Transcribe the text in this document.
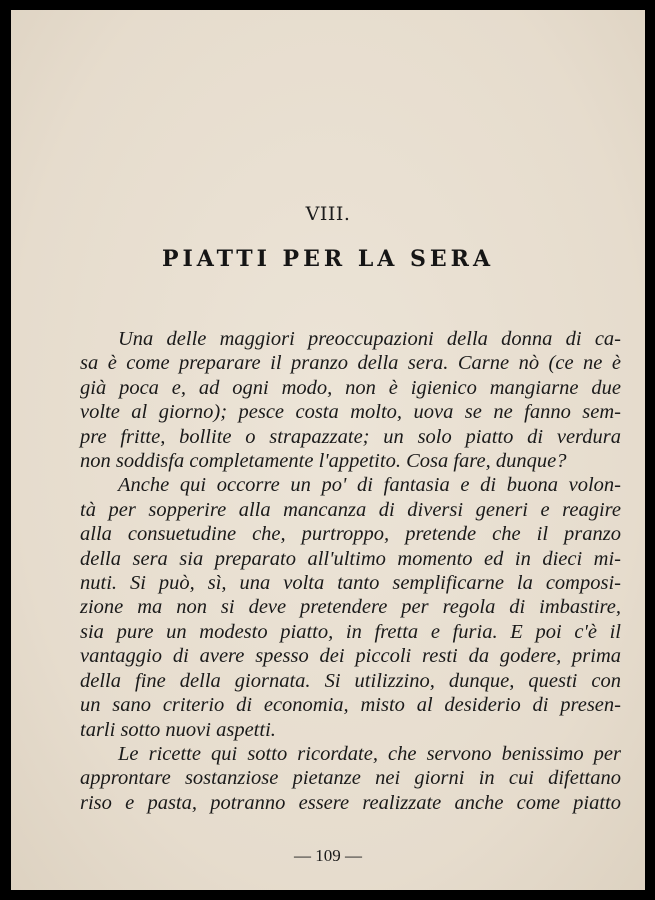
VIII.
PIATTI PER LA SERA
Una delle maggiori preoccupazioni della donna di ca-
sa è come preparare il pranzo della sera. Carne nò (ce ne è
già poca e, ad ogni modo, non è igienico mangiarne due
volte al giorno); pesce costa molto, uova se ne fanno sem-
pre fritte, bollite o strapazzate; un solo piatto di verdura
non soddisfa completamente l'appetito. Cosa fare, dunque?
Anche qui occorre un po' di fantasia e di buona volon-
tà per sopperire alla mancanza di diversi generi e reagire
alla consuetudine che, purtroppo, pretende che il pranzo
della sera sia preparato all'ultimo momento ed in dieci mi-
nuti. Si può, sì, una volta tanto semplificarne la composi-
zione ma non si deve pretendere per regola di imbastire,
sia pure un modesto piatto, in fretta e furia. E poi c'è il
vantaggio di avere spesso dei piccoli resti da godere, prima
della fine della giornata. Si utilizzino, dunque, questi con
un sano criterio di economia, misto al desiderio di presen-
tarli sotto nuovi aspetti.
Le ricette qui sotto ricordate, che servono benissimo per
approntare sostanziose pietanze nei giorni in cui difettano
riso e pasta, potranno essere realizzate anche come piatto
— 109 —
